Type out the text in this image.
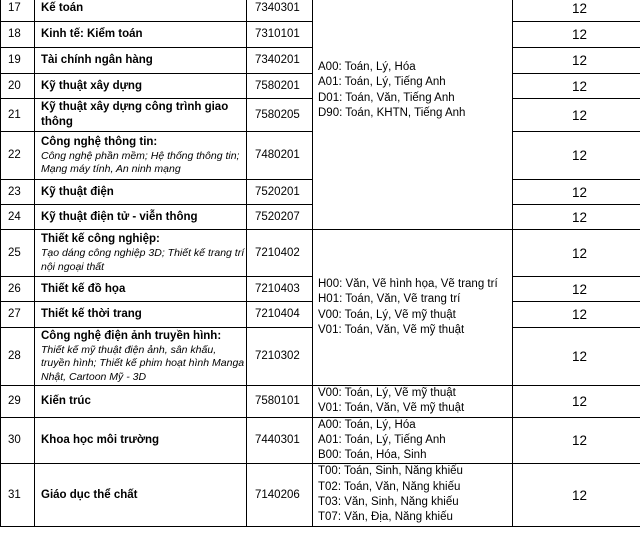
17	Kế toán	7340301	A00: Toán, Lý, Hóa
A01: Toán, Lý, Tiếng Anh
D01: Toán, Văn, Tiếng Anh
D90: Toán, KHTN, Tiếng Anh	12
18	Kinh tế: Kiểm toán	7310101		12
19	Tài chính ngân hàng	7340201		12
20	Kỹ thuật xây dựng	7580201		12
21	Kỹ thuật xây dựng công trình giao thông	7580205		12
22	Công nghệ thông tin:
Công nghệ phần mềm; Hệ thống thông tin; Mạng máy tính, An ninh mạng	7480201		12
23	Kỹ thuật điện	7520201		12
24	Kỹ thuật điện tử - viễn thông	7520207		12
25	Thiết kế công nghiệp:
Tạo dáng công nghiệp 3D; Thiết kế trang trí nội ngoại thất	7210402	H00: Văn, Vẽ hình họa, Vẽ trang trí
H01: Toán, Văn, Vẽ trang trí
V00: Toán, Lý, Vẽ mỹ thuật
V01: Toán, Văn, Vẽ mỹ thuật	12
26	Thiết kế đồ họa	7210403		12
27	Thiết kế thời trang	7210404		12
28	Công nghệ điện ảnh truyền hình:
Thiết kế mỹ thuật điện ảnh, sân khấu, truyền hình; Thiết kế phim hoạt hình Manga Nhật, Cartoon Mỹ - 3D	7210302		12
29	Kiến trúc	7580101	V00: Toán, Lý, Vẽ mỹ thuật
V01: Toán, Văn, Vẽ mỹ thuật	12
30	Khoa học môi trường	7440301	A00: Toán, Lý, Hóa
A01: Toán, Lý, Tiếng Anh
B00: Toán, Hóa, Sinh	12
31	Giáo dục thể chất	7140206	T00: Toán, Sinh, Năng khiếu
T02: Toán, Văn, Năng khiếu
T03: Văn, Sinh, Năng khiếu
T07: Văn, Địa, Năng khiếu	12
